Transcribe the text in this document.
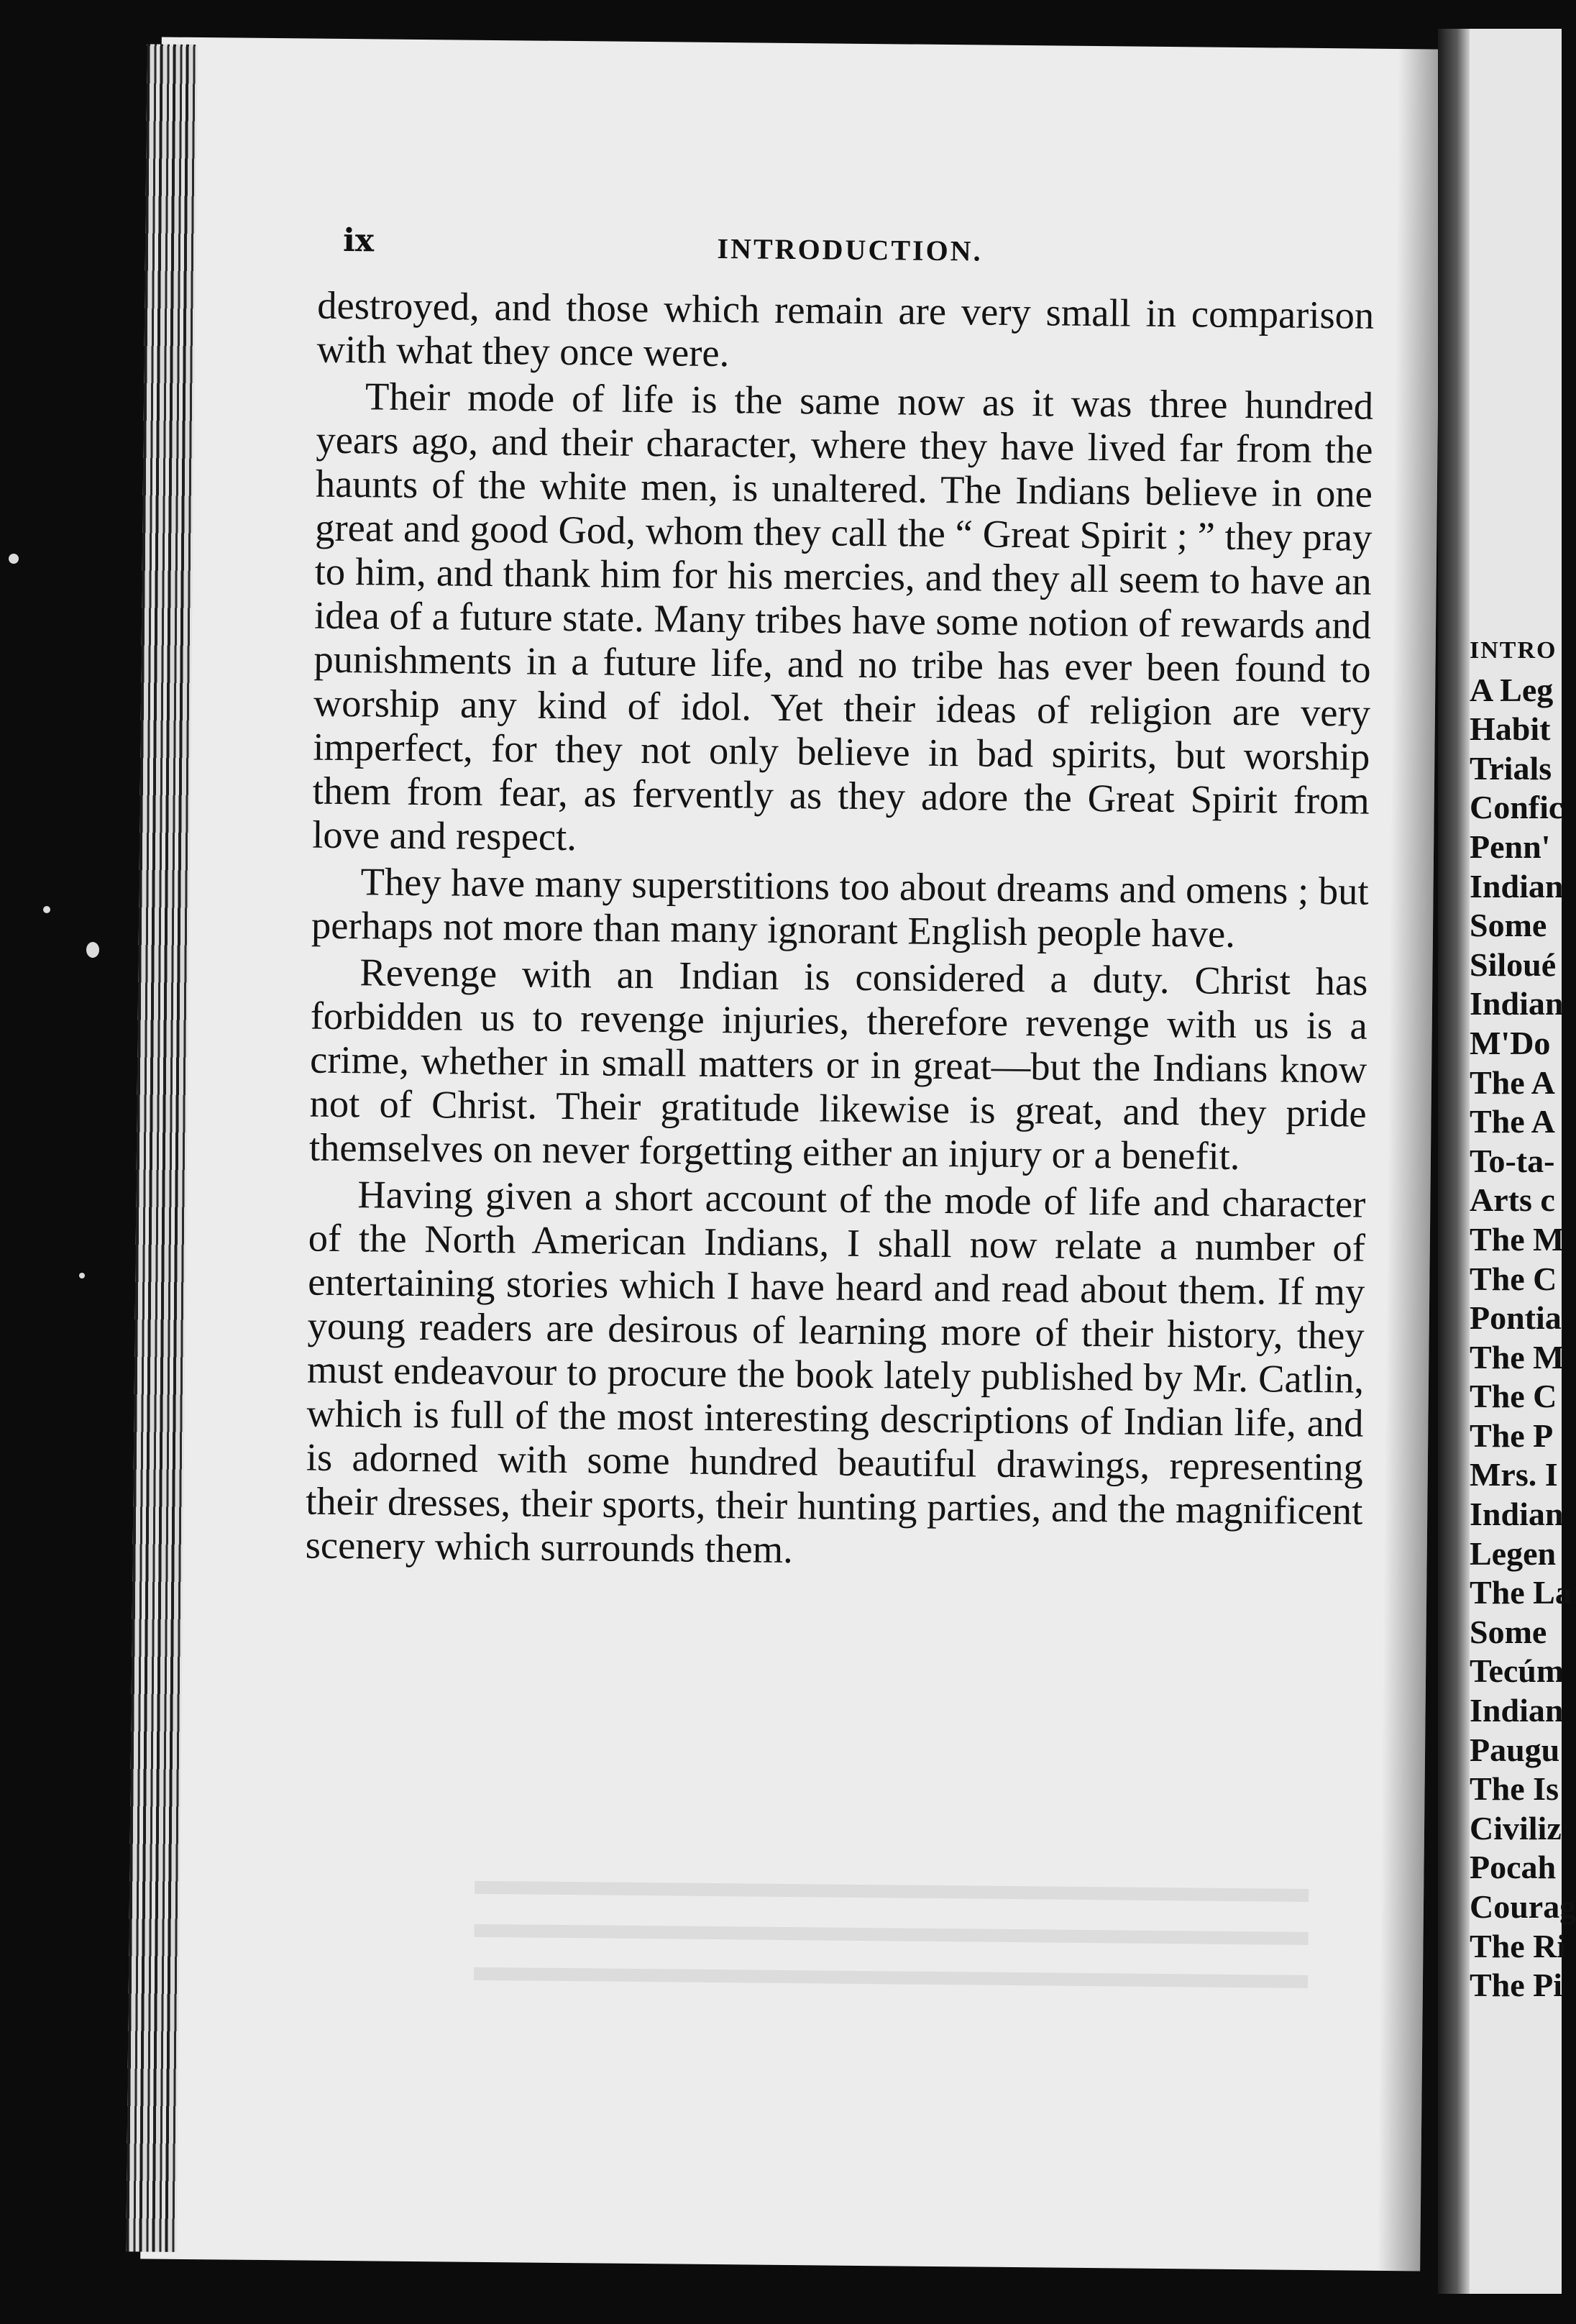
ix	INTRODUCTION.

destroyed, and those which remain are very small in comparison with what they once were.

Their mode of life is the same now as it was three hundred years ago, and their character, where they have lived far from the haunts of the white men, is unaltered. The Indians believe in one great and good God, whom they call the “ Great Spirit ; ” they pray to him, and thank him for his mercies, and they all seem to have an idea of a future state. Many tribes have some notion of rewards and punishments in a future life, and no tribe has ever been found to worship any kind of idol. Yet their ideas of religion are very imperfect, for they not only believe in bad spirits, but worship them from fear, as fervently as they adore the Great Spirit from love and respect.

They have many superstitions too about dreams and omens ; but perhaps not more than many ignorant English people have.

Revenge with an Indian is considered a duty. Christ has forbidden us to revenge injuries, therefore revenge with us is a crime, whether in small matters or in great—but the Indians know not of Christ. Their gratitude likewise is great, and they pride themselves on never forgetting either an injury or a benefit.

Having given a short account of the mode of life and character of the North American Indians, I shall now relate a number of entertaining stories which I have heard and read about them. If my young readers are desirous of learning more of their history, they must endeavour to procure the book lately published by Mr. Catlin, which is full of the most interesting descriptions of Indian life, and is adorned with some hundred beautiful drawings, representing their dresses, their sports, their hunting parties, and the magnificent scenery which surrounds them.

INTRO
A Leg
Habit
Trials
Confic
Penn'
Indian
Some
Siloué
Indian
M'Do
The A
The A
To-ta-
Arts c
The M
The C
Pontia
The M
The C
The P
Mrs. I
Indian
Legen
The La
Some
Tecúm
Indian
Paugu
The Is
Civiliz
Pocah
Courag
The Ri
The Pi
